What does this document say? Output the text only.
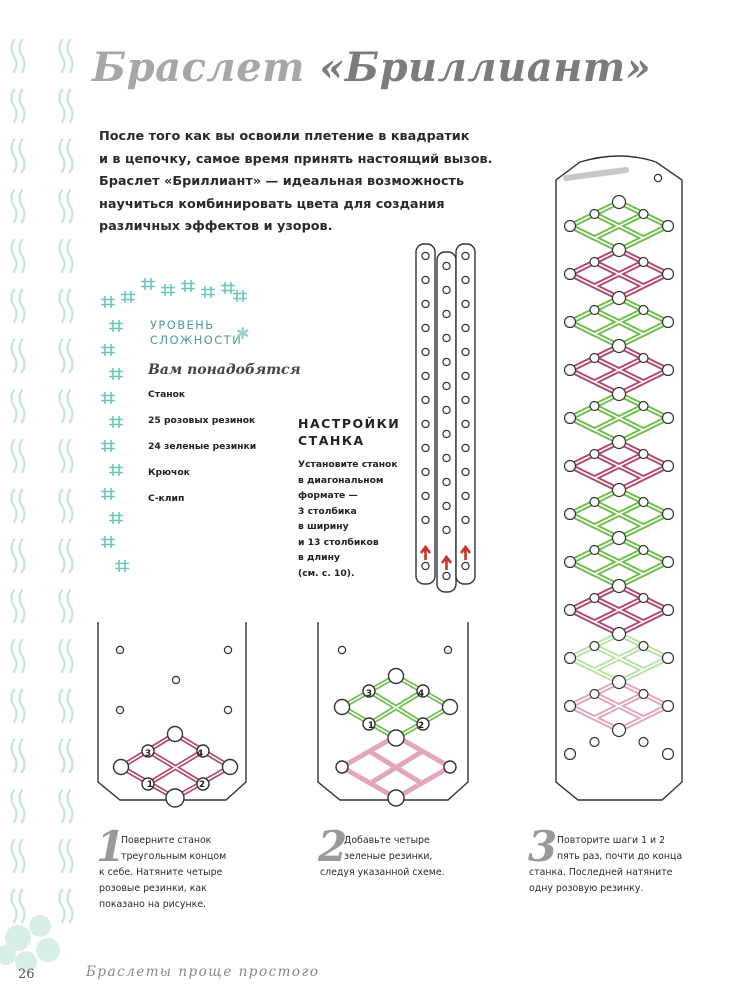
3	4
1	2
3	4
1	2
Браслет «Бриллиант»

После того как вы освоили плетение в квадратик

и в цепочку, самое время принять настоящий вызов.

Браслет «Бриллиант» — идеальная возможность

научиться комбинировать цвета для создания

различных эффектов и узоров.

УРОВЕНЬ

СЛОЖНОСТИ

✱
Вам понадобятся
Станок
25 розовых резинок
24 зеленые резинки
Крючок
С-клип

НАСТРОЙКИ

СТАНКА

Установите станок

в диагональном

формате —

3 столбика

в ширину

и 13 столбиков

в длину

(см. с. 10).

1

Поверните станок

треугольным концом

к себе. Натяните четыре

розовые резинки, как

показано на рисунке.

2

Добавьте четыре

зеленые резинки,

следуя указанной схеме.

3 Повторите шаги 1 и 2

пять раз, почти до конца

станка. Последней натяните

одну розовую резинку.

26	Браслеты проще простого
